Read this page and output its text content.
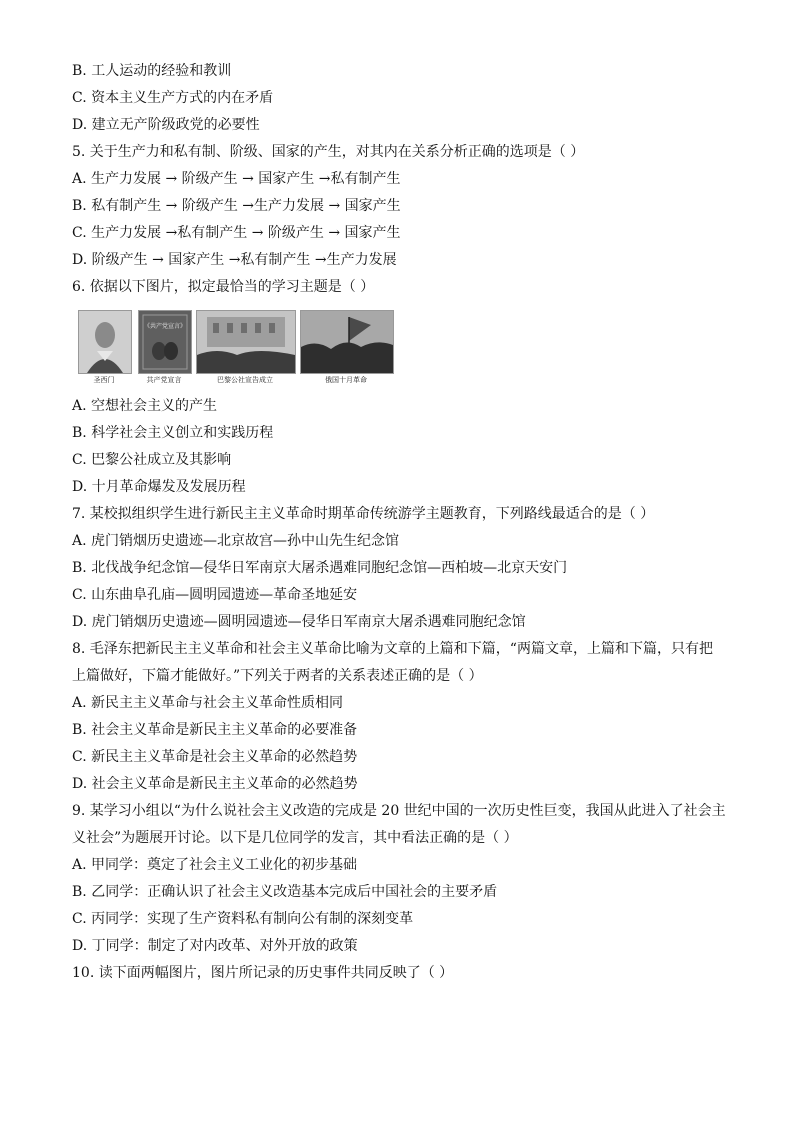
B. 工人运动的经验和教训
C. 资本主义生产方式的内在矛盾
D. 建立无产阶级政党的必要性
5. 关于生产力和私有制、阶级、国家的产生，对其内在关系分析正确的选项是（ ）
A. 生产力发展 → 阶级产生 → 国家产生 →私有制产生
B. 私有制产生 → 阶级产生 →生产力发展 → 国家产生
C. 生产力发展 →私有制产生 → 阶级产生 → 国家产生
D. 阶级产生 → 国家产生 →私有制产生 →生产力发展
6. 依据以下图片，拟定最恰当的学习主题是（ ）
A. 空想社会主义的产生
B. 科学社会主义创立和实践历程
C. 巴黎公社成立及其影响
D. 十月革命爆发及发展历程
7. 某校拟组织学生进行新民主主义革命时期革命传统游学主题教育，下列路线最适合的是（ ）
A. 虎门销烟历史遗迹—北京故宫—孙中山先生纪念馆
B. 北伐战争纪念馆—侵华日军南京大屠杀遇难同胞纪念馆—西柏坡—北京天安门
C. 山东曲阜孔庙—圆明园遗迹—革命圣地延安
D. 虎门销烟历史遗迹—圆明园遗迹—侵华日军南京大屠杀遇难同胞纪念馆
8. 毛泽东把新民主主义革命和社会主义革命比喻为文章的上篇和下篇，“两篇文章，上篇和下篇，只有把
上篇做好，下篇才能做好。”下列关于两者的关系表述正确的是（ ）
A. 新民主主义革命与社会主义革命性质相同
B. 社会主义革命是新民主主义革命的必要准备
C. 新民主主义革命是社会主义革命的必然趋势
D. 社会主义革命是新民主主义革命的必然趋势
9. 某学习小组以“为什么说社会主义改造的完成是 20 世纪中国的一次历史性巨变，我国从此进入了社会主
义社会”为题展开讨论。以下是几位同学的发言，其中看法正确的是（ ）
A. 甲同学：奠定了社会主义工业化的初步基础
B. 乙同学：正确认识了社会主义改造基本完成后中国社会的主要矛盾
C. 丙同学：实现了生产资料私有制向公有制的深刻变革
D. 丁同学：制定了对内改革、对外开放的政策
10. 读下面两幅图片，图片所记录的历史事件共同反映了（ ）
圣西门
《共产党宣言》
共产党宣言	巴黎公社宣告成立	俄国十月革命
